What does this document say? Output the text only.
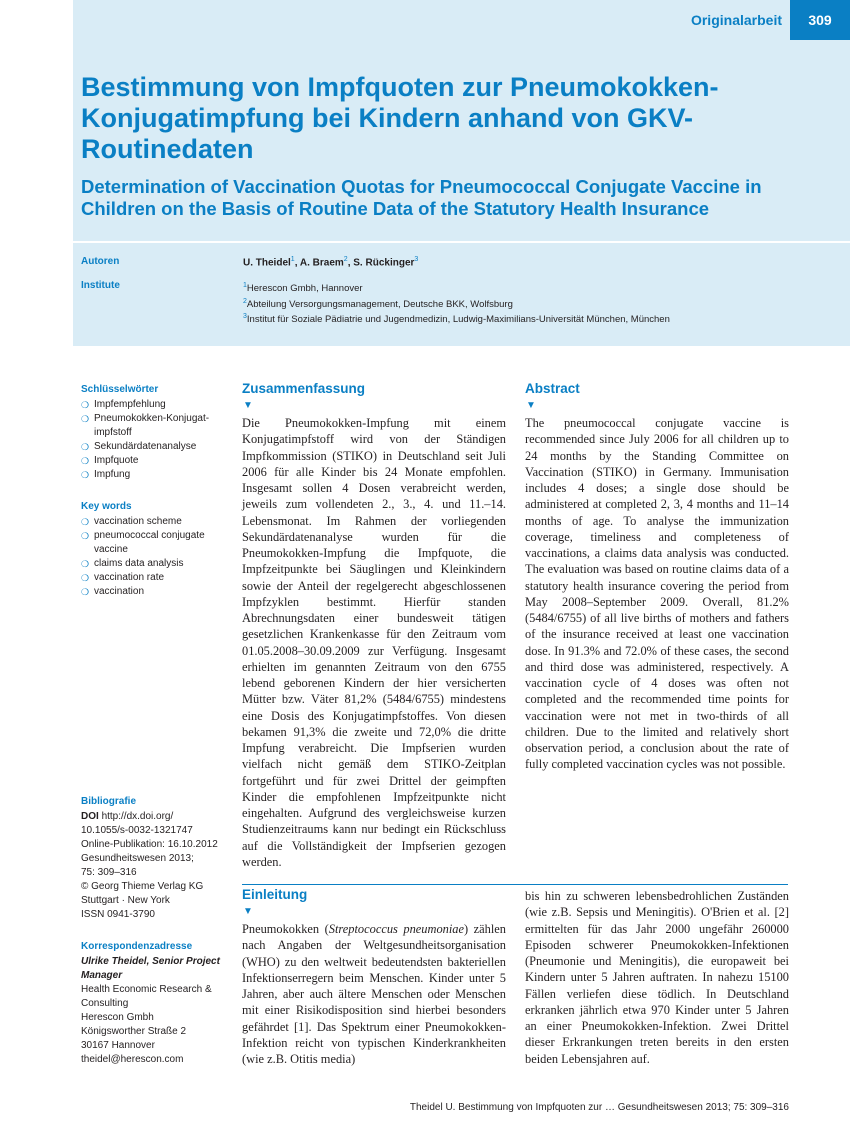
Originalarbeit	309
Bestimmung von Impfquoten zur Pneumokokken-Konjugatimpfung bei Kindern anhand von GKV-Routinedaten
Determination of Vaccination Quotas for Pneumococcal Conjugate Vaccine in Children on the Basis of Routine Data of the Statutory Health Insurance
Autoren
Institute
U. Theidel$^1$, A. Braem$^2$, S. Rückinger$^3$
$^1$Herescon Gmbh, Hannover
$^2$Abteilung Versorgungsmanagement, Deutsche BKK, Wolfsburg
$^3$Institut für Soziale Pädiatrie und Jugendmedizin, Ludwig-Maximilians-Universität München, München
Schlüsselwörter
❍ Impfempfehlung
❍ Pneumokokken-Konjugat-impfstoff
❍ Sekundärdatenanalyse
❍ Impfquote
❍ Impfung
Key words
❍ vaccination scheme
❍ pneumococcal conjugate vaccine
❍ claims data analysis
❍ vaccination rate
❍ vaccination
Bibliografie
DOI http://dx.doi.org/
10.1055/s-0032-1321747
Online-Publikation: 16.10.2012
Gesundheitswesen 2013;
75: 309–316
© Georg Thieme Verlag KG
Stuttgart · New York
ISSN 0941-3790
Korrespondenzadresse
Ulrike Theidel, Senior Project Manager
Health Economic Research &
Consulting
Herescon Gmbh
Königsworther Straße 2
30167 Hannover
theidel@herescon.com
Zusammenfassung
▼

Die Pneumokokken-Impfung mit einem Konjugatimpfstoff wird von der Ständigen Impfkommission (STIKO) in Deutschland seit Juli 2006 für alle Kinder bis 24 Monate empfohlen. Insgesamt sollen 4 Dosen verabreicht werden, jeweils zum vollendeten 2., 3., 4. und 11.–14. Lebensmonat. Im Rahmen der vorliegenden Sekundärdatenanalyse wurden für die Pneumokokken-Impfung die Impfquote, die Impfzeitpunkte bei Säuglingen und Kleinkindern sowie der Anteil der regelgerecht abgeschlossenen Impfzyklen bestimmt. Hierfür standen Abrechnungsdaten einer bundesweit tätigen gesetzlichen Krankenkasse für den Zeitraum vom 01.05.2008–30.09.2009 zur Verfügung. Insgesamt erhielten im genannten Zeitraum von den 6755 lebend geborenen Kindern der hier versicherten Mütter bzw. Väter 81,2% (5484/6755) mindestens eine Dosis des Konjugatimpfstoffes. Von diesen bekamen 91,3% die zweite und 72,0% die dritte Impfung verabreicht. Die Impfserien wurden vielfach nicht gemäß dem STIKO-Zeitplan fortgeführt und für zwei Drittel der geimpften Kinder die empfohlenen Impfzeitpunkte nicht eingehalten. Aufgrund des vergleichsweise kurzen Studienzeitraums kann nur bedingt ein Rückschluss auf die Vollständigkeit der Impfserien gezogen werden.

Abstract
▼

The pneumococcal conjugate vaccine is recommended since July 2006 for all children up to 24 months by the Standing Committee on Vaccination (STIKO) in Germany. Immunisation includes 4 doses; a single dose should be administered at completed 2, 3, 4 months and 11–14 months of age. To analyse the immunization coverage, timeliness and completeness of vaccinations, a claims data analysis was conducted. The evaluation was based on routine claims data of a statutory health insurance covering the period from May 2008–September 2009. Overall, 81.2% (5484/6755) of all live births of mothers and fathers of the insurance received at least one vaccination dose. In 91.3% and 72.0% of these cases, the second and third dose was administered, respectively. A vaccination cycle of 4 doses was often not completed and the recommended time points for vaccination were not met in two-thirds of all children. Due to the limited and relatively short observation period, a conclusion about the rate of fully completed vaccination cycles was not possible.

Einleitung
▼

Pneumokokken (Streptococcus pneumoniae) zählen nach Angaben der Weltgesundheitsorganisation (WHO) zu den weltweit bedeutendsten bakteriellen Infektionserregern beim Menschen. Kinder unter 5 Jahren, aber auch ältere Menschen oder Menschen mit einer Risikodisposition sind hierbei besonders gefährdet [1]. Das Spektrum einer Pneumokokken-Infektion reicht von typischen Kinderkrankheiten (wie z.B. Otitis media)

bis hin zu schweren lebensbedrohlichen Zuständen (wie z.B. Sepsis und Meningitis). O'Brien et al. [2] ermittelten für das Jahr 2000 ungefähr 260000 Episoden schwerer Pneumokokken-Infektionen (Pneumonie und Meningitis), die europaweit bei Kindern unter 5 Jahren auftraten. In nahezu 15100 Fällen verliefen diese tödlich. In Deutschland erkranken jährlich etwa 970 Kinder unter 5 Jahren an einer Pneumokokken-Infektion. Zwei Drittel dieser Erkrankungen treten bereits in den ersten beiden Lebensjahren auf.

Theidel U. Bestimmung von Impfquoten zur … Gesundheitswesen 2013; 75: 309–316
